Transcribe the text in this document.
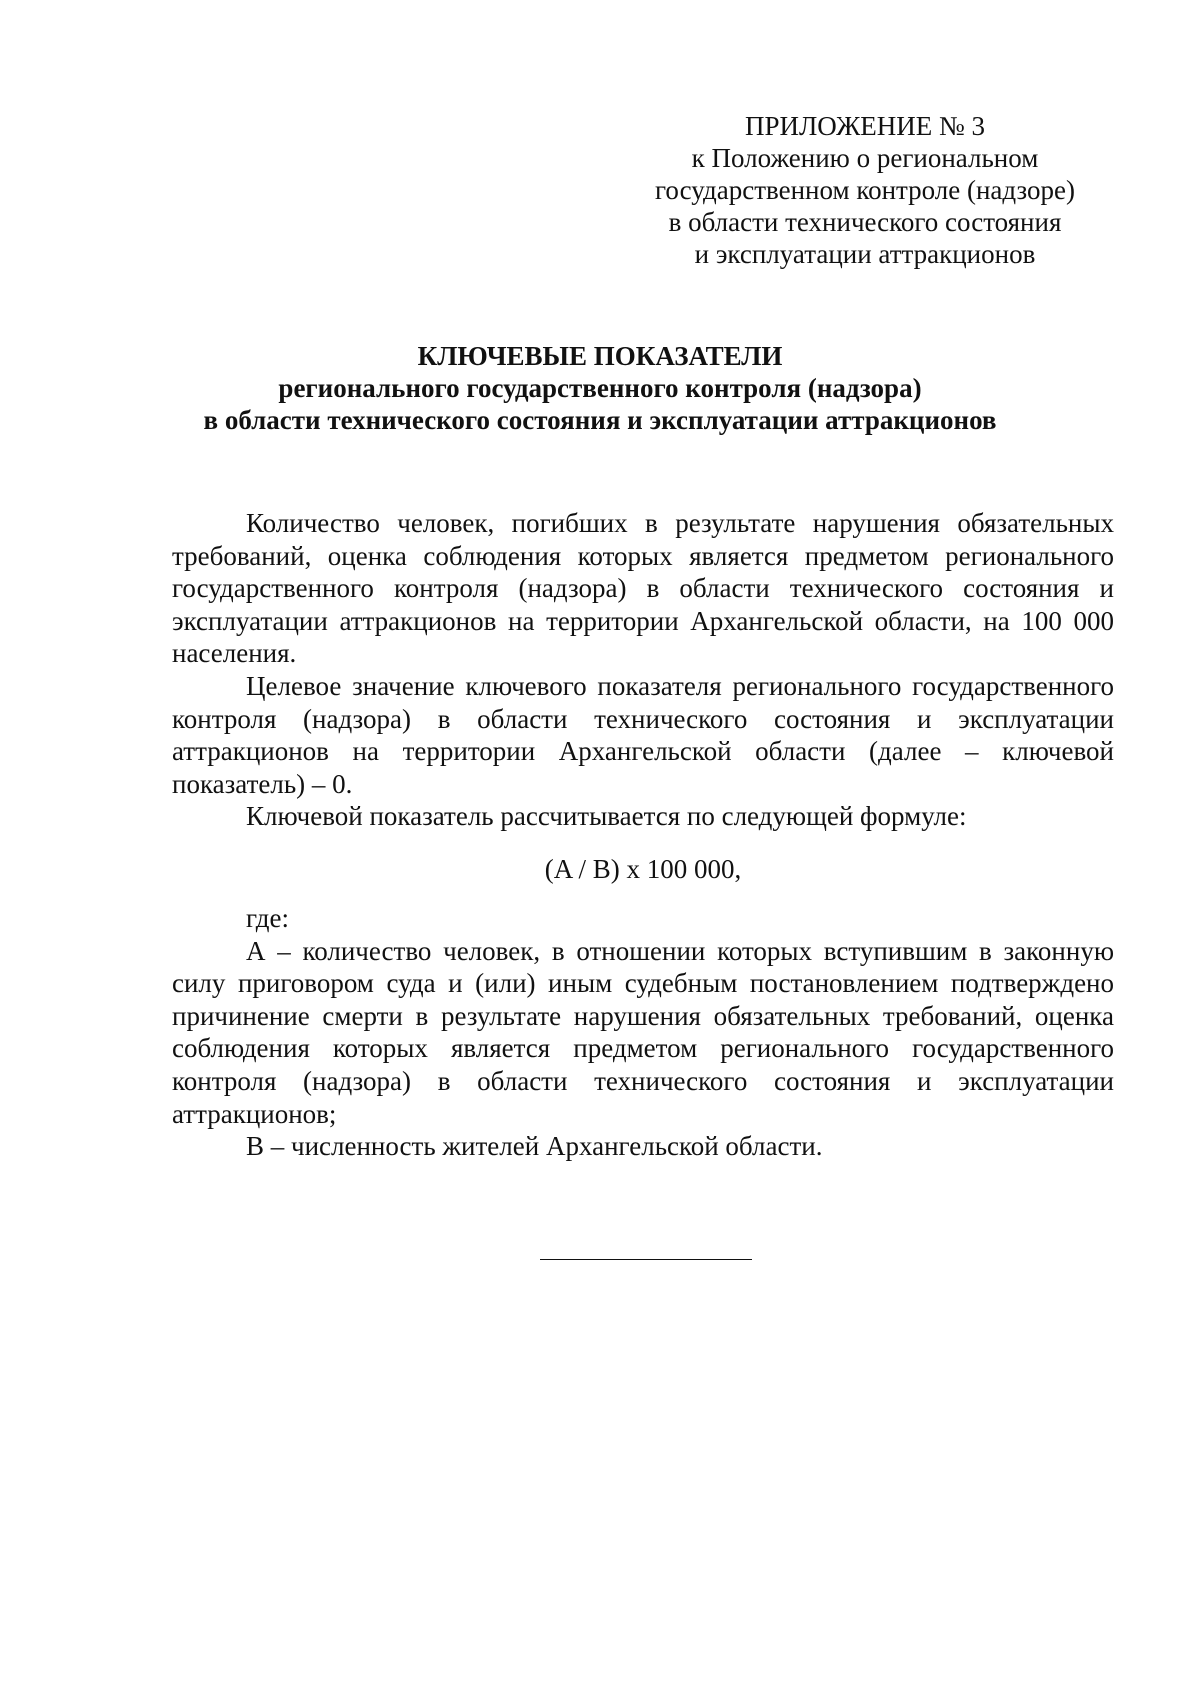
ПРИЛОЖЕНИЕ № 3
к Положению о региональном
государственном контроле (надзоре)
в области технического состояния
и эксплуатации аттракционов
КЛЮЧЕВЫЕ ПОКАЗАТЕЛИ
регионального государственного контроля (надзора)
в области технического состояния и эксплуатации аттракционов

Количество человек, погибших в результате нарушения обязательных требований, оценка соблюдения которых является предметом регионального государственного контроля (надзора) в области технического состояния и эксплуатации аттракционов на территории Архангельской области, на 100 000 населения.

Целевое значение ключевого показателя регионального государственного контроля (надзора) в области технического состояния и эксплуатации аттракционов на территории Архангельской области (далее – ключевой показатель) – 0.

Ключевой показатель рассчитывается по следующей формуле:

(A / B) x 100 000,

где:

А – количество человек, в отношении которых вступившим в законную силу приговором суда и (или) иным судебным постановлением подтверждено причинение смерти в результате нарушения обязательных требований, оценка соблюдения которых является предметом регионального государственного контроля (надзора) в области технического состояния и эксплуатации аттракционов;

В – численность жителей Архангельской области.
